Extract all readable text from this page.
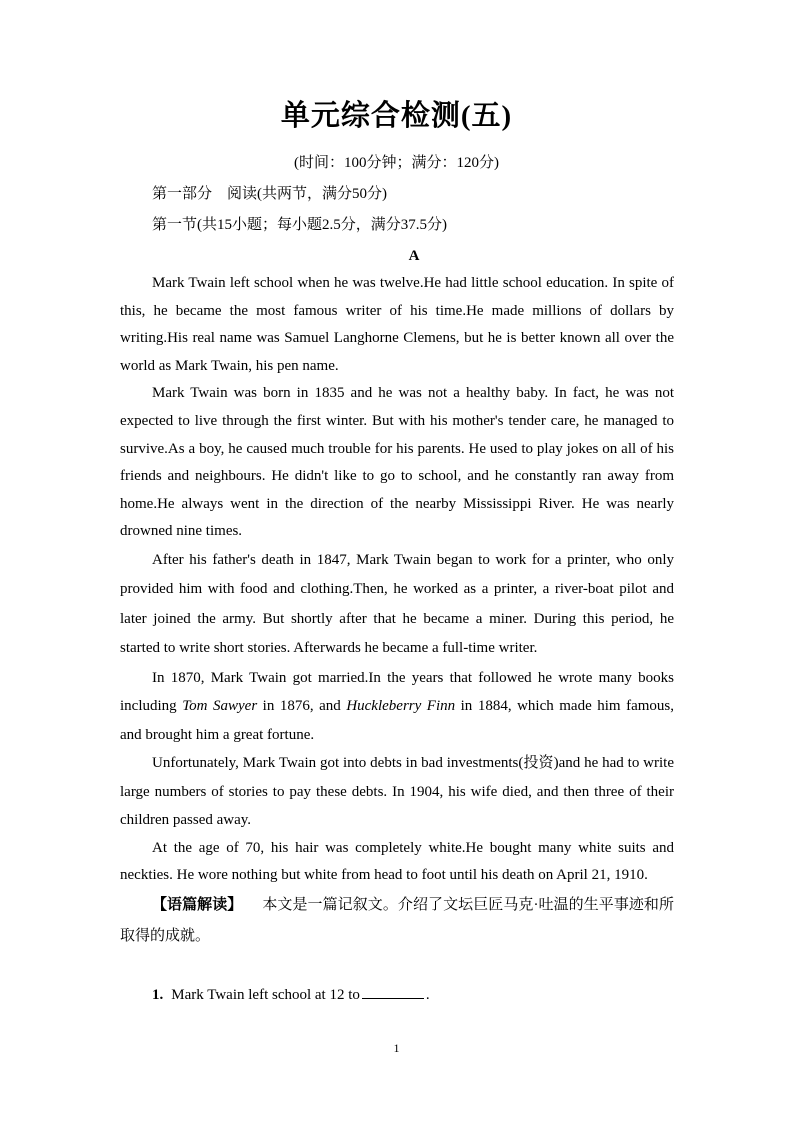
单元综合检测(五)
(时间：100分钟；满分：120分)
第一部分　阅读(共两节，满分50分)
第一节(共15小题；每小题2.5分，满分37.5分)
A

Mark Twain left school when he was twelve.He had little school education. In spite of this, he became the most famous writer of his time.He made millions of dollars by writing.His real name was Samuel Langhorne Clemens, but he is better known all over the world as Mark Twain, his pen name.

Mark Twain was born in 1835 and he was not a healthy baby. In fact, he was not expected to live through the first winter. But with his mother's tender care, he managed to survive.As a boy, he caused much trouble for his parents. He used to play jokes on all of his friends and neighbours. He didn't like to go to school, and he constantly ran away from home.He always went in the direction of the nearby Mississippi River. He was nearly drowned nine times.

After his father's death in 1847, Mark Twain began to work for a printer, who only provided him with food and clothing.Then, he worked as a printer, a river-boat pilot and later joined the army. But shortly after that he became a miner. During this period, he started to write short stories. Afterwards he became a full-time writer.

In 1870, Mark Twain got married.In the years that followed he wrote many books including Tom Sawyer in 1876, and Huckleberry Finn in 1884, which made him famous, and brought him a great fortune.

Unfortunately, Mark Twain got into debts in bad investments(投资)and he had to write large numbers of stories to pay these debts. In 1904, his wife died, and then three of their children passed away.

At the age of 70, his hair was completely white.He bought many white suits and neckties. He wore nothing but white from head to foot until his death on April 21, 1910.

【语篇解读】 本文是一篇记叙文。介绍了文坛巨匠马克·吐温的生平事迹和所取得的成就。

1. Mark Twain left school at 12 to	.
1
